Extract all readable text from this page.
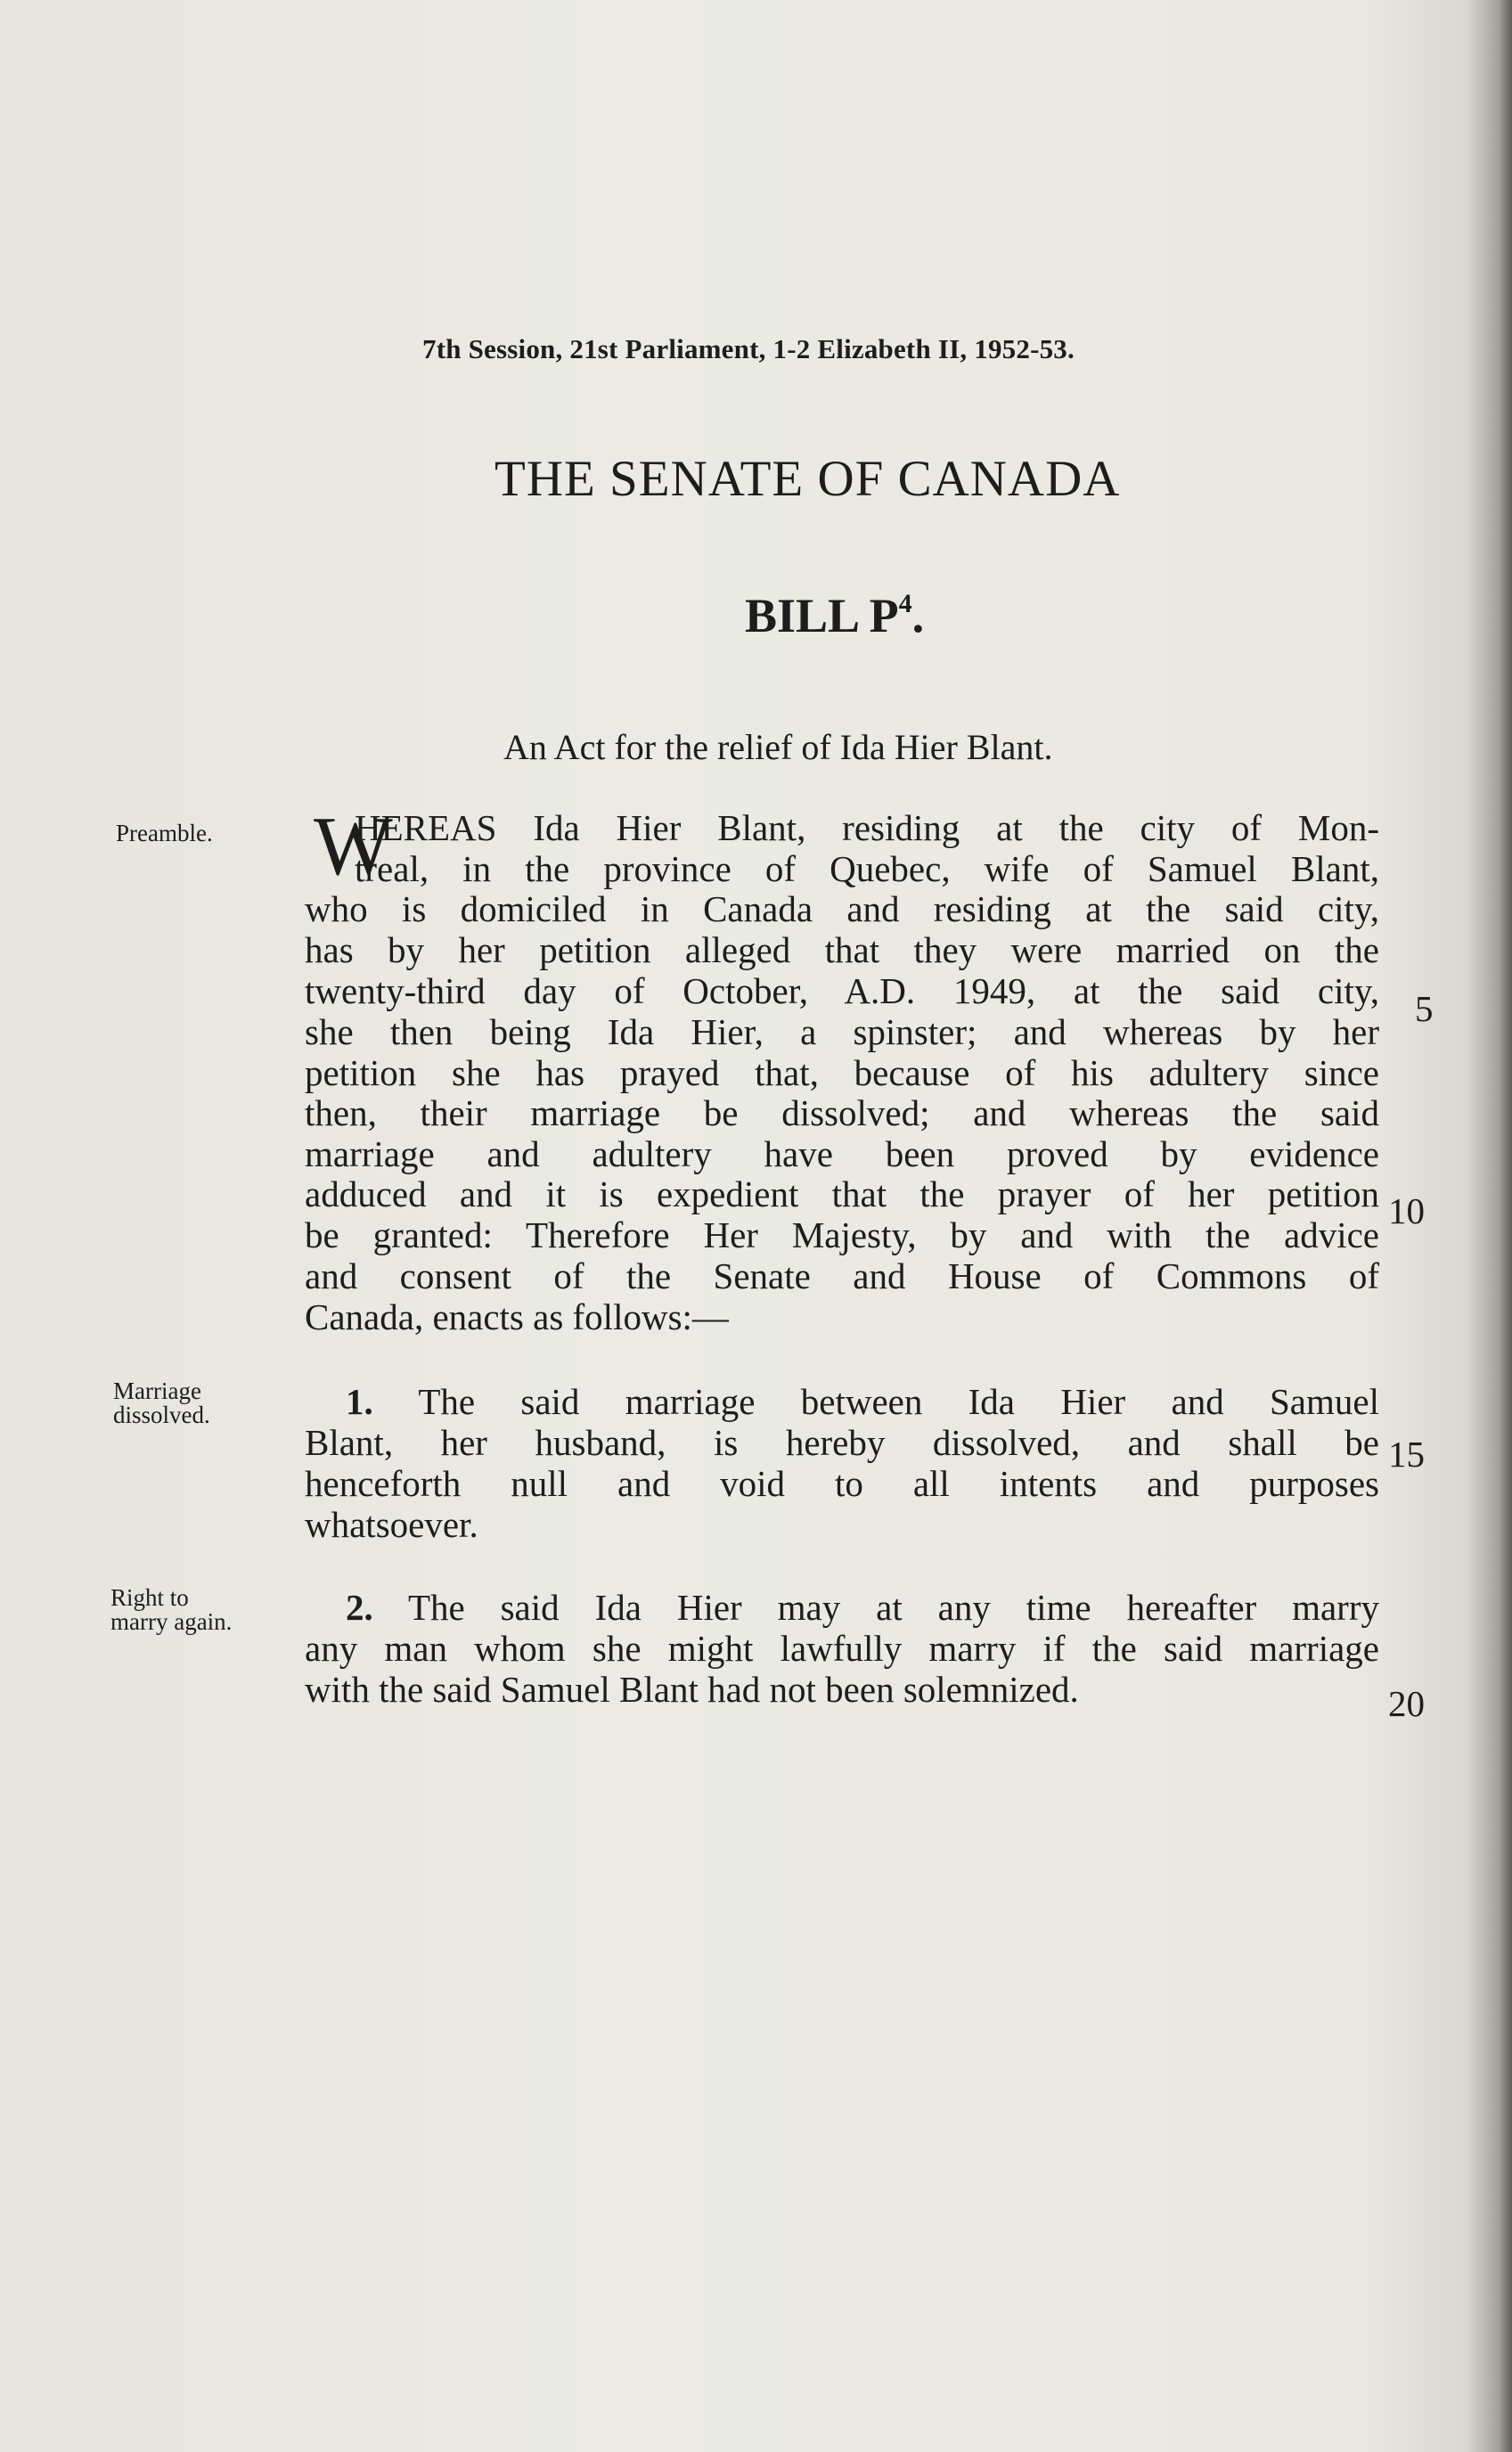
7th Session, 21st Parliament, 1-2 Elizabeth II, 1952-53.
THE SENATE OF CANADA
BILL $P^4$.
An Act for the relief of Ida Hier Blant.
Preamble.
Marriage
dissolved.
Right to
marry again.
W
HEREAS Ida Hier Blant, residing at the city of Mon-
treal, in the province of Quebec, wife of Samuel Blant,
who is domiciled in Canada and residing at the said city,
has by her petition alleged that they were married on the
twenty-third day of October, A.D. 1949, at the said city,
she then being Ida Hier, a spinster; and whereas by her
petition she has prayed that, because of his adultery since
then, their marriage be dissolved; and whereas the said
marriage and adultery have been proved by evidence
adduced and it is expedient that the prayer of her petition
be granted: Therefore Her Majesty, by and with the advice
and consent of the Senate and House of Commons of
Canada, enacts as follows:—
1. The said marriage between Ida Hier and Samuel
Blant, her husband, is hereby dissolved, and shall be
henceforth null and void to all intents and purposes
whatsoever.
2. The said Ida Hier may at any time hereafter marry
any man whom she might lawfully marry if the said marriage
with the said Samuel Blant had not been solemnized.
5
10
15
20
